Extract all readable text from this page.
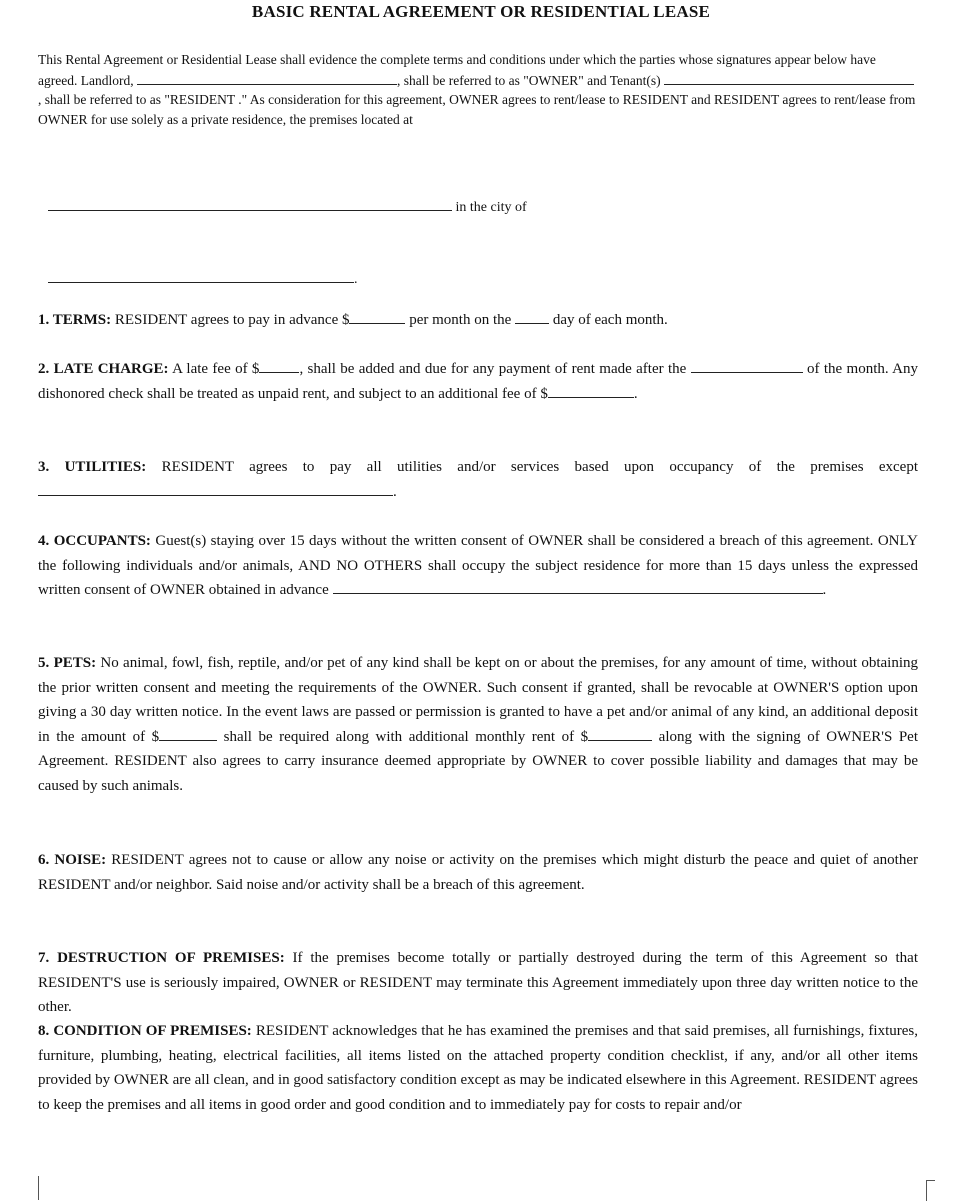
BASIC RENTAL AGREEMENT OR RESIDENTIAL LEASE
This Rental Agreement or Residential Lease shall evidence the complete terms and conditions under which the parties whose signatures appear below have agreed. Landlord,	, shall be referred to as "OWNER" and Tenant(s) , shall be referred to as "RESIDENT ." As consideration for this agreement, OWNER agrees to rent/lease to RESIDENT and RESIDENT agrees to rent/lease from OWNER for use solely as a private residence, the premises located at
in the city of
.
1. TERMS: RESIDENT agrees to pay in advance $	per month on the	day of each month.
2. LATE CHARGE: A late fee of $	, shall be added and due for any payment of rent made after the	of the month. Any dishonored check shall be treated as unpaid rent, and subject to an additional fee of $	.
3. UTILITIES: RESIDENT agrees to pay all utilities and/or services based upon occupancy of the premises except.
4. OCCUPANTS: Guest(s) staying over 15 days without the written consent of OWNER shall be considered a breach of this agreement. ONLY the following individuals and/or animals, AND NO OTHERS shall occupy the subject residence for more than 15 days unless the expressed written consent of OWNER obtained in advance	.
5. PETS: No animal, fowl, fish, reptile, and/or pet of any kind shall be kept on or about the premises, for any amount of time, without obtaining the prior written consent and meeting the requirements of the OWNER. Such consent if granted, shall be revocable at OWNER'S option upon giving a 30 day written notice. In the event laws are passed or permission is granted to have a pet and/or animal of any kind, an additional deposit in the amount of $	shall be required along with additional monthly rent of $	along with the signing of OWNER'S Pet Agreement. RESIDENT also agrees to carry insurance deemed appropriate by OWNER to cover possible liability and damages that may be caused by such animals.
6. NOISE: RESIDENT agrees not to cause or allow any noise or activity on the premises which might disturb the peace and quiet of another RESIDENT and/or neighbor. Said noise and/or activity shall be a breach of this agreement.
7. DESTRUCTION OF PREMISES: If the premises become totally or partially destroyed during the term of this Agreement so that RESIDENT'S use is seriously impaired, OWNER or RESIDENT may terminate this Agreement immediately upon three day written notice to the other.
8. CONDITION OF PREMISES: RESIDENT acknowledges that he has examined the premises and that said premises, all furnishings, fixtures, furniture, plumbing, heating, electrical facilities, all items listed on the attached property condition checklist, if any, and/or all other items provided by OWNER are all clean, and in good satisfactory condition except as may be indicated elsewhere in this Agreement. RESIDENT agrees to keep the premises and all items in good order and good condition and to immediately pay for costs to repair and/or
